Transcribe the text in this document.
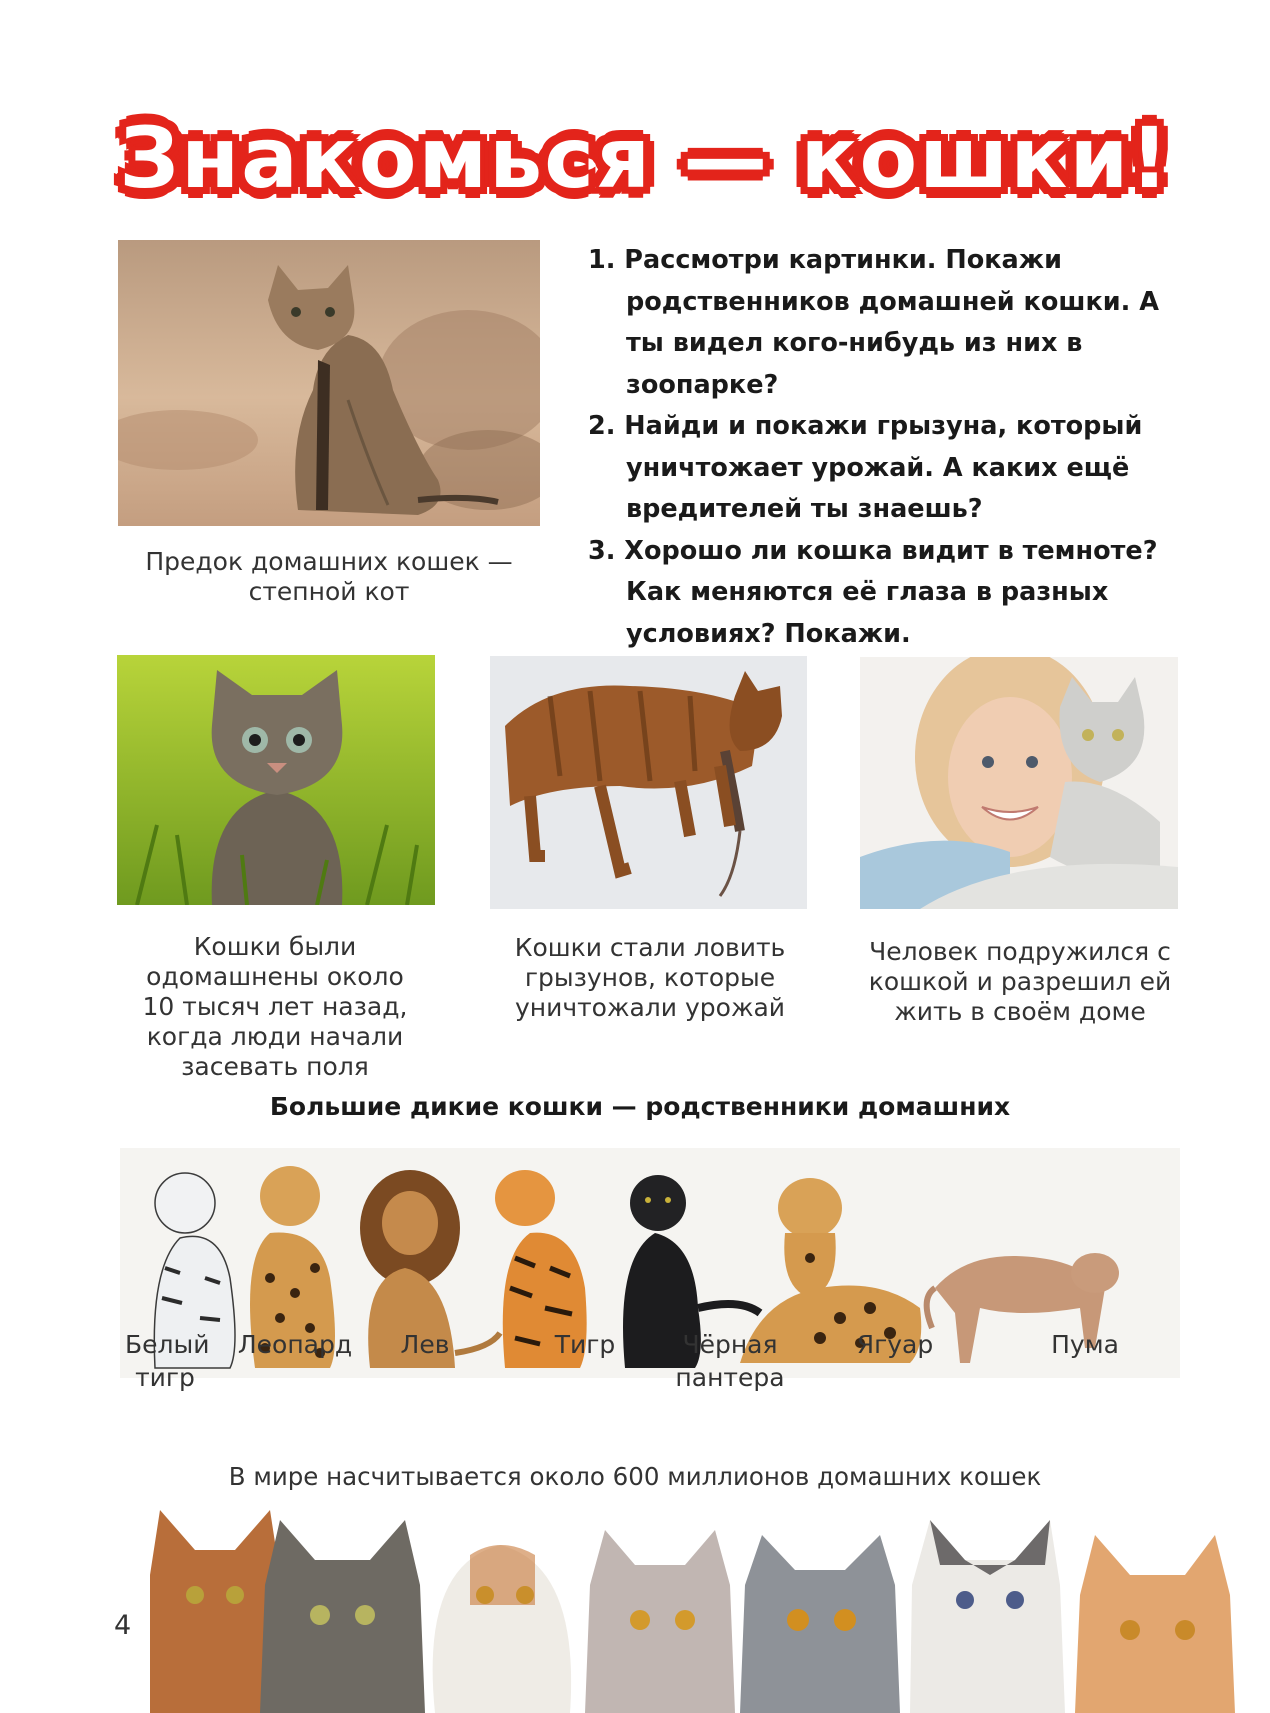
Знакомься — кошки!
Предок домашних кошек — степной кот

1. Рассмотри картинки. Покажи родственников домашней кошки. А ты видел кого-нибудь из них в зоопарке?

2. Найди и покажи грызуна, который уничтожает урожай. А каких ещё вредителей ты знаешь?

3. Хорошо ли кошка видит в темноте? Как меняются её глаза в разных условиях? Покажи.

Кошки были одомашнены около 10 тысяч лет назад, когда люди начали засевать поля
Кошки стали ловить грызунов, которые уничтожали урожай
Человек подружился с кошкой и разрешил ей жить в своём доме
Большие дикие кошки — родственники домашних
Белый тигр
Леопард	Лев	Тигр	Чёрная пантера
Ягуар	Пума
В мире насчитывается около 600 миллионов домашних кошек
4
